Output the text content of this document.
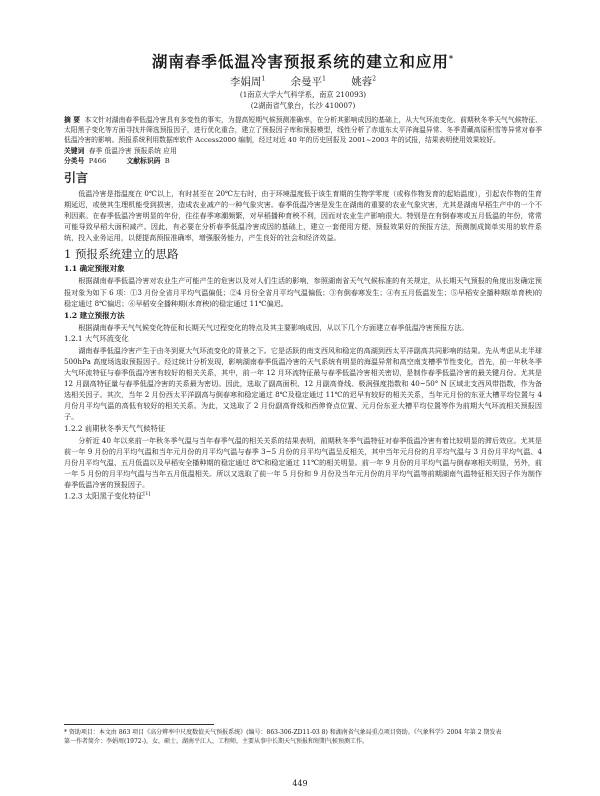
湖南春季低温冷害预报系统的建立和应用*
李娟周$^1$ 余曼平$^1$ 姚蓉$^2$
(1南京大学大气科学系，南京 210093)
(2湖南省气象台，长沙 410007)
摘 要 本文针对湖南春季低温冷害具有多变性的事实，为提高短期气候预测准确率，在分析其影响成因的基础上，从大气环流变化、前期秋冬季天气气候特征、太阳黑子变化等方面寻找并筛选预报因子，进行优化重合，建立了预报因子库和预报模型，线性分析了赤道东太平洋海温异常、冬季青藏高原积雪等异常对春季低温冷害的影响。预报系统利用数据库软件 Access2000 编制，经过对近 40 年的历史回报及 2001~2003 年的试报，结果表明使用效果较好。
关键词 春季 低温冷害 预报系统 应用
分类号 P466	文献标识码 B
引言

低温冷害是指温度在 0℃以上，有时甚至在 20℃左右时，由于环境温度低于该生育期的生物学零度（或称作物发育的起始温度），引起农作物的生育期延迟，或使其生理机能受到损害，造成农业减产的一种气象灾害。春季低温冷害是发生在湖南的重要的农业气象灾害，尤其是湖南早稻生产中的一个不利因素。在春季低温冷害明显的年份，往往春季寒潮频繁，对早稻播种育秧不利，因而对农业生产影响很大。特别是在有倒春寒或五月低温的年份，常常可能导致早稻大面积减产。因此，有必要在分析春季低温冷害成因的基础上，建立一套便用方便、预报效果好的预报方法，预测制成简单实用的软件系统，投入业务运用，以便提高预报准确率，增强服务能力，产生良好的社会和经济效益。

1 预报系统建立的思路
1.1 确定预报对象

根据湖南春季低温冷害对农业生产可能产生的危害以及对人们生活的影响，参照湖南省天气气候标准的有关规定，从长期天气预报的角度出发确定预报对象为如下 6 项：①3 月份全省月平均气温偏低；②4 月份全省月平均气温偏低；③有倒春寒发生；④有五月低温发生；⑤早稻安全播种期(单育秧)的稳定通过 8℃偏迟；⑥早稻安全播种期(水育秧)的稳定通过 11℃偏迟。

1.2 建立预报方法

根据湖南春季天气气候变化特征和长期天气过程变化的特点及其主要影响成因，从以下几个方面建立春季低温冷害预报方法。

1.2.1 大气环流变化

湖南春季低温冷害产生于由冬到夏大气环流变化的背景之下。它是活跃的南支西风和稳定的高湖到西太平洋副高共同影响的结果。先从考虑从北半球 500hPa 高度场选取预报因子。经过统计分析发现，影响湖南春季低温冷害的天气系统有明显的海温异常和高空南支槽季节性变化，首先，前一年秋冬季大气环流特征与春季低温冷害有较好的相关关系，其中，前一年 12 月环流特征最与春季低温冷害相关密切，是制作春季低温冷害的最关键月份。尤其是 12 月副高特征量与春季低温冷害的关系最为密切。因此，选取了副高面积、12 月副高脊线、极涡强度指数和 40~50° N 区域北支西风带指数，作为备选相关因子。其次，当年 2 月份西太平洋副高与倒春寒和稳定通过 8℃及稳定通过 11℃的迟早有较好的相关关系，当年元月份的东亚大槽平均位置与 4 月份月平均气温的高低有较好的相关关系。为此，又选取了 2 月份副高脊线和西伸脊点位置、元月份东亚大槽平均位置等作为前期大气环流相关预报因子。

1.2.2 前期秋冬季天气气候特征

分析近 40 年以来前一年秋冬季气温与当年春季气温的相关关系的结果表明，前期秋冬季气温特征对春季低温冷害有着比较明显的滞后效应。尤其是前一年 9 月份的月平均气温和当年元月份的月平均气温与春季 3~5 月份的月平均气温呈反相关，其中当年元月份的月平均气温与 3 月份月平均气温、4 月份月平均气温、五月低温以及早稻安全播种期的稳定通过 8℃和稳定通过 11℃的相关明显。前一年 9 月份的月平均气温与倒春寒相关明显，另外，前一年 5 月份的月平均气温与当年五月低温相关。所以又选取了前一年 5 月份和 9 月份及当年元月份的月平均气温等前期湖南气温特征相关因子作为制作春季低温冷害的预报因子。

1.2.3 太阳黑子变化特征[1]
* 资助项目：本文由 863 项目《高分辨率中尺度数值天气预报系统》(编号：863-306-ZD11-03 8) 和湖南省气象局重点项目资助。《气象科学》2004 年第 2 期发表
第一作者简介：李娟周(1972-)，女，硕士，湖南平江人，工程师，主要从事中长期天气预报和短期气候预测工作。
449
